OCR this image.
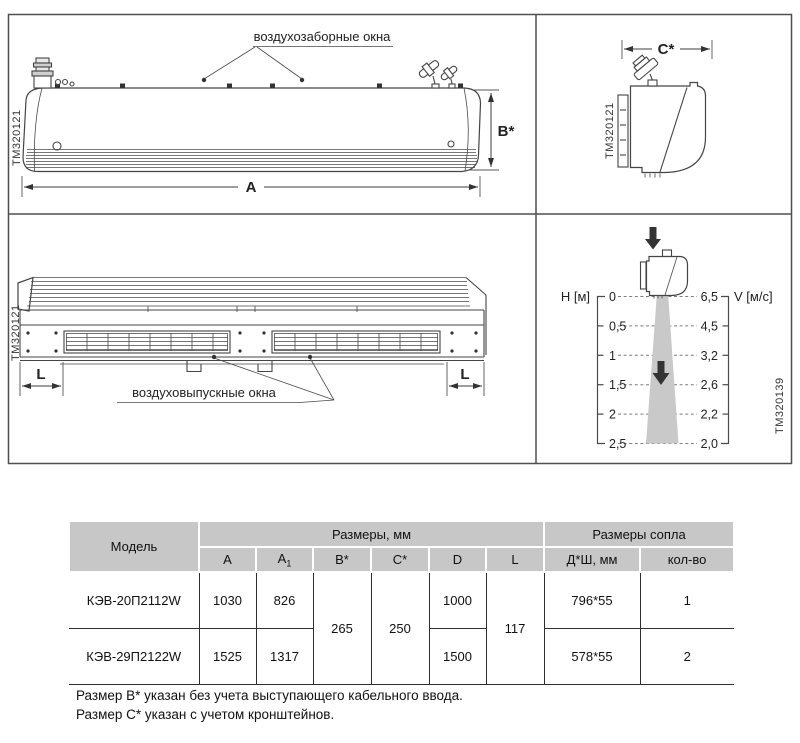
воздухозаборные окна
A
B*
ТМ320121
C*
ТМ320121
L	L
воздуховыпускные окна
ТМ320121
H [м]	V [м/с]
0
0,5
1
1,5
2
2,5
6,5
4,5
3,2
2,6
2,2
2,0
ТМ320139
Модель	Размеры, мм						Размеры сопла	
	A	$A_1$	B*	C*	D	L	Д*Ш, мм	кол-во
КЭВ-20П2112W	1030	826	265	250	1000	117	796*55	1
КЭВ-29П2122W	1525	1317			1500		578*55	2
Размер B* указан без учета выступающего кабельного ввода.
Размер C* указан с учетом кронштейнов.
